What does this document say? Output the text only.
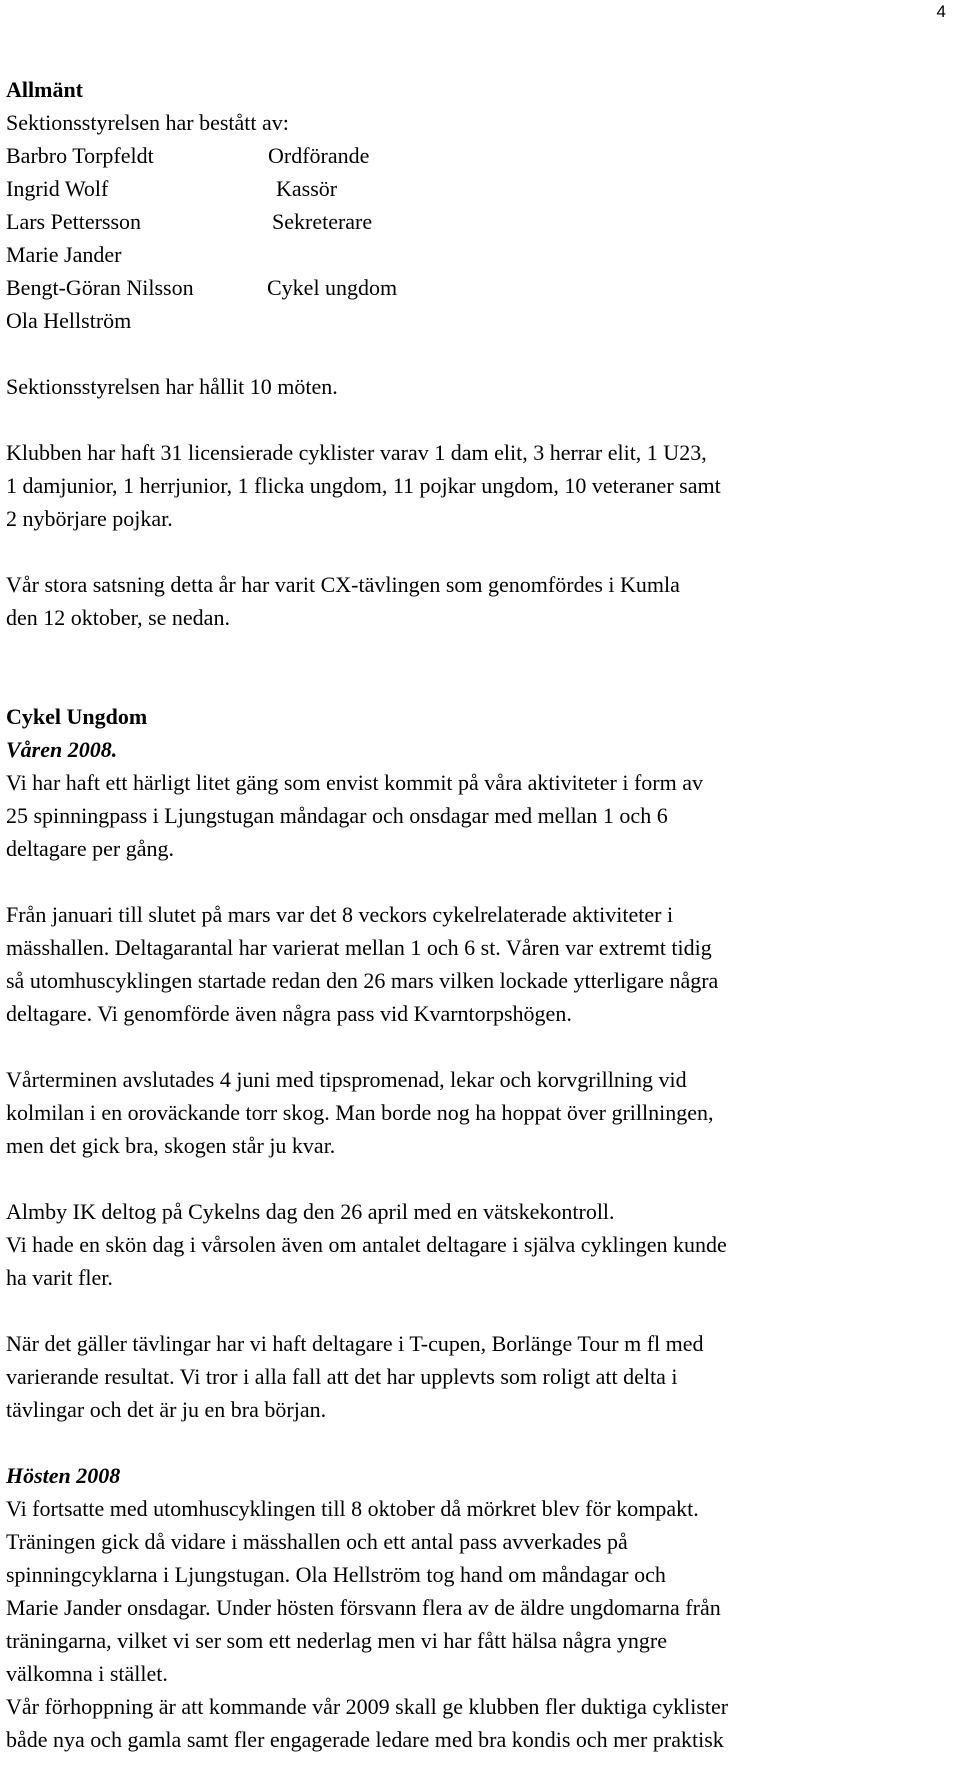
4
Allmänt
Sektionsstyrelsen har bestått av:
Barbro Torpfeldt	Ordförande
Ingrid Wolf	Kassör
Lars Pettersson	Sekreterare
Marie Jander
Bengt-Göran Nilsson	Cykel ungdom
Ola Hellström
Sektionsstyrelsen har hållit 10 möten.
Klubben har haft 31 licensierade cyklister varav 1 dam elit, 3 herrar elit, 1 U23,
1 damjunior, 1 herrjunior, 1 flicka ungdom, 11 pojkar ungdom, 10 veteraner samt
2 nybörjare pojkar.
Vår stora satsning detta år har varit CX-tävlingen som genomfördes i Kumla
den 12 oktober, se nedan.
Cykel Ungdom
Våren 2008.
Vi har haft ett härligt litet gäng som envist kommit på våra aktiviteter i form av
25 spinningpass i Ljungstugan måndagar och onsdagar med mellan 1 och 6
deltagare per gång.
Från januari till slutet på mars var det 8 veckors cykelrelaterade aktiviteter i
mässhallen. Deltagarantal har varierat mellan 1 och 6 st. Våren var extremt tidig
så utomhuscyklingen startade redan den 26 mars vilken lockade ytterligare några
deltagare. Vi genomförde även några pass vid Kvarntorpshögen.
Vårterminen avslutades 4 juni med tipspromenad, lekar och korvgrillning vid
kolmilan i en oroväckande torr skog. Man borde nog ha hoppat över grillningen,
men det gick bra, skogen står ju kvar.
Almby IK deltog på Cykelns dag den 26 april med en vätskekontroll.
Vi hade en skön dag i vårsolen även om antalet deltagare i själva cyklingen kunde
ha varit fler.
När det gäller tävlingar har vi haft deltagare i T-cupen, Borlänge Tour m fl med
varierande resultat. Vi tror i alla fall att det har upplevts som roligt att delta i
tävlingar och det är ju en bra början.
Hösten 2008
Vi fortsatte med utomhuscyklingen till 8 oktober då mörkret blev för kompakt.
Träningen gick då vidare i mässhallen och ett antal pass avverkades på
spinningcyklarna i Ljungstugan. Ola Hellström tog hand om måndagar och
Marie Jander onsdagar. Under hösten försvann flera av de äldre ungdomarna från
träningarna, vilket vi ser som ett nederlag men vi har fått hälsa några yngre
välkomna i stället.
Vår förhoppning är att kommande vår 2009 skall ge klubben fler duktiga cyklister
både nya och gamla samt fler engagerade ledare med bra kondis och mer praktisk
